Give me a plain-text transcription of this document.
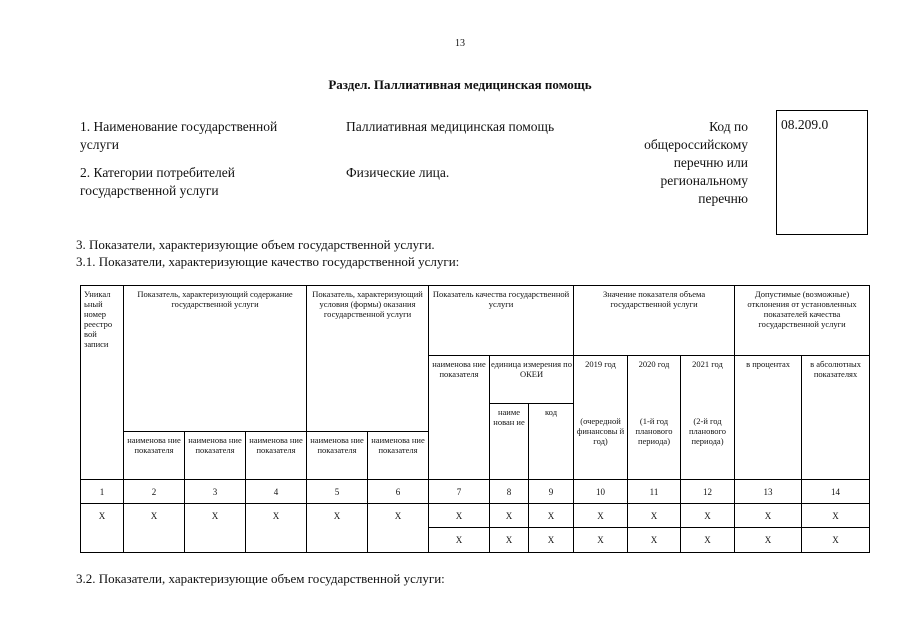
13
Раздел. Паллиативная медицинская помощь
1. Наименование государственной услуги
Паллиативная медицинская помощь
2. Категории потребителей государственной услуги
Физические лица.
Код по общероссийскому перечню или региональному перечню
08.209.0
3. Показатели, характеризующие объем государственной услуги.
3.1. Показатели, характеризующие качество государственной услуги:
Уникал ьный номер реестро вой записи	Показатель, характеризующий содержание государственной услуги			Показатель, характеризующий условия (формы) оказания государственной услуги		Показатель качества государственной услуги			Значение показателя объема государственной услуги			Допустимые (возможные) отклонения от установленных показателей качества государственной услуги	
						наименова ние показателя	единица измерения по ОКЕИ		2019 год	2020 год	2021 год	в процентах	в абсолютных показателях
							наиме нован ие	код	(очередной финансовы й год)	(1-й год планового периода)	(2-й год планового периода)		
	наименова ние показателя	наименова ние показателя	наименова ние показателя	наименова ние показателя	наименова ние показателя								
1	2	3	4	5	6	7	8	9	10	11	12	13	14
Х	Х	Х	Х	Х	Х	Х	Х	Х	Х	Х	Х	Х	Х
						Х	Х	Х	Х	Х	Х	Х	Х
3.2. Показатели, характеризующие объем государственной услуги:
